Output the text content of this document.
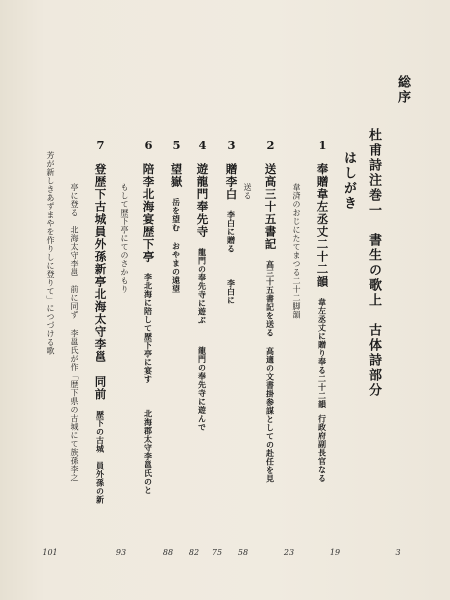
総序
杜甫詩注巻一　書生の歌上　古体詩部分
はしがき
1奉贈韋左丞丈二十二韻韋左丞丈に贈り奉る二十二韻行政府副長官なる
韋済のおじにたてまつる二十二脚韻
2送高三十五書記高三十五書記を送る高適の文書掛参謀としての赴任を見
送る
3贈李白李白に贈る李白に
4遊龍門奉先寺龍門の奉先寺に遊ぶ龍門の奉先寺に遊んで
5望嶽岳を望むおやまの遠望
6陪李北海宴歴下亭李北海に陪して歴下亭に宴す北海郡太守李邕氏のと
もして歴下亭にてのさかもり
7登歴下古城員外孫新亭北海太守李邕　同前歴下の古城　員外孫の新
亭に登る　北海太守李邕　前に同ず李邕氏が作「歴下県の古城にて族孫李之
芳が新しきあずまやを作りしに登りて」につづける歌
3
19
23
58
75
82
88
93
101
